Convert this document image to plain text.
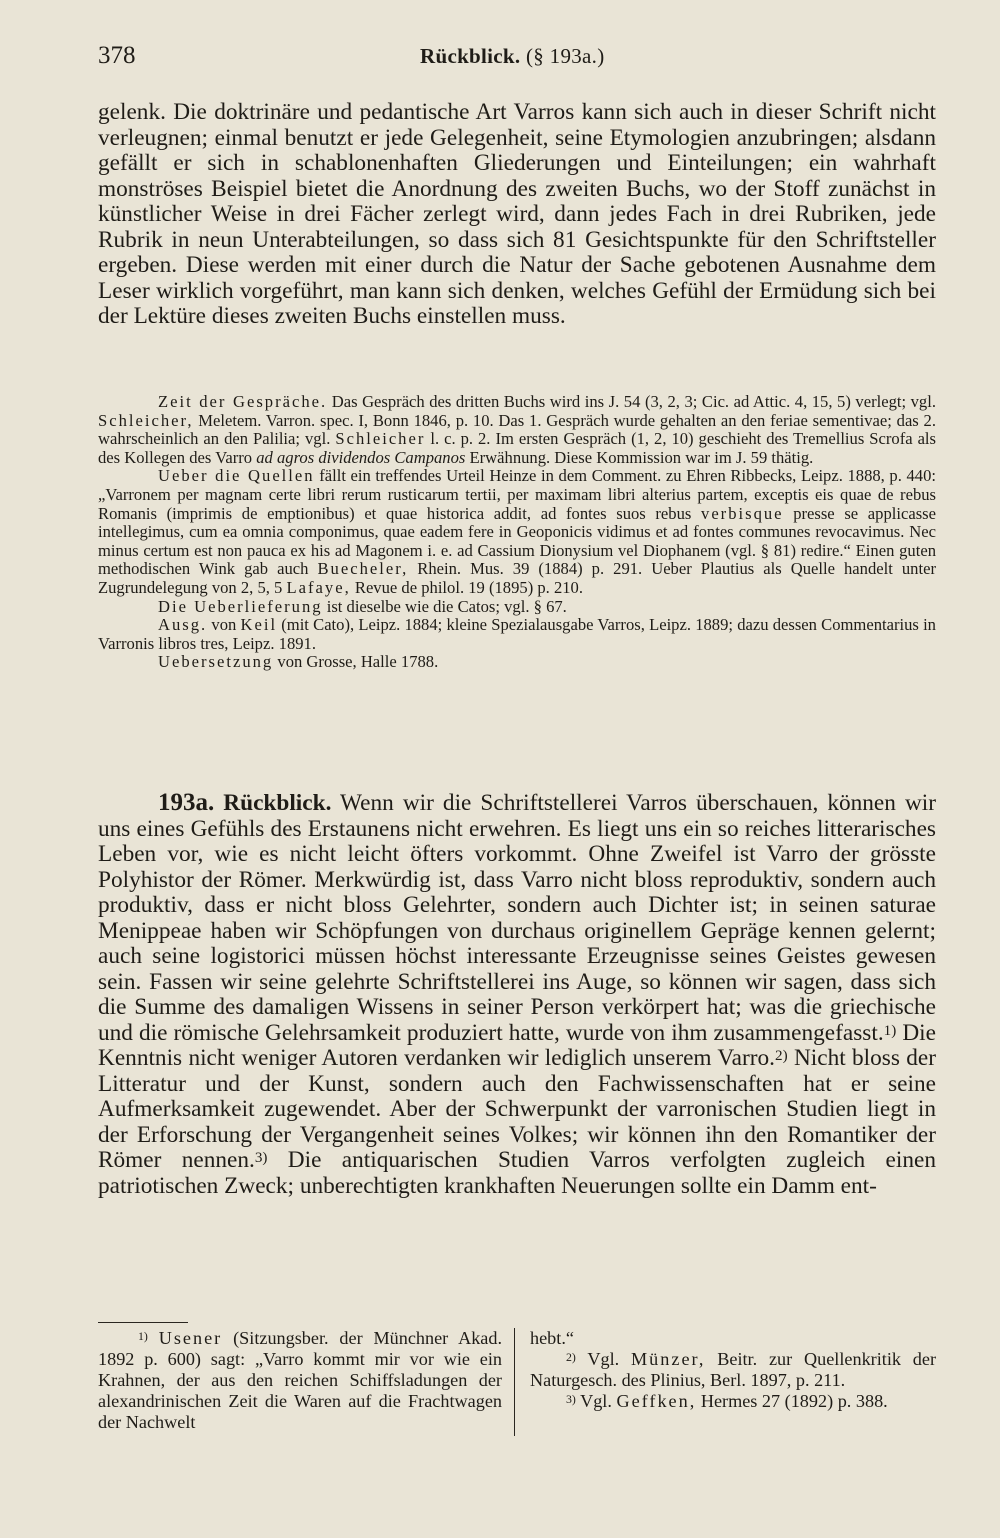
378	Rückblick. (§ 193a.)

gelenk. Die doktrinäre und pedantische Art Varros kann sich auch in dieser Schrift nicht verleugnen; einmal benutzt er jede Gelegenheit, seine Etymologien anzubringen; alsdann gefällt er sich in schablonenhaften Gliederungen und Einteilungen; ein wahrhaft monströses Beispiel bietet die Anordnung des zweiten Buchs, wo der Stoff zunächst in künstlicher Weise in drei Fächer zerlegt wird, dann jedes Fach in drei Rubriken, jede Rubrik in neun Unterabteilungen, so dass sich 81 Gesichtspunkte für den Schriftsteller ergeben. Diese werden mit einer durch die Natur der Sache gebotenen Ausnahme dem Leser wirklich vorgeführt, man kann sich denken, welches Gefühl der Ermüdung sich bei der Lektüre dieses zweiten Buchs einstellen muss.

Zeit der Gespräche. Das Gespräch des dritten Buchs wird ins J. 54 (3, 2, 3; Cic. ad Attic. 4, 15, 5) verlegt; vgl. Schleicher, Meletem. Varron. spec. I, Bonn 1846, p. 10. Das 1. Gespräch wurde gehalten an den feriae sementivae; das 2. wahrscheinlich an den Palilia; vgl. Schleicher l. c. p. 2. Im ersten Gespräch (1, 2, 10) geschieht des Tremellius Scrofa als des Kollegen des Varro ad agros dividendos Campanos Erwähnung. Diese Kommission war im J. 59 thätig.

Ueber die Quellen fällt ein treffendes Urteil Heinze in dem Comment. zu Ehren Ribbecks, Leipz. 1888, p. 440: „Varronem per magnam certe libri rerum rusticarum tertii, per maximam libri alterius partem, exceptis eis quae de rebus Romanis (imprimis de emptionibus) et quae historica addit, ad fontes suos rebus verbisque presse se applicasse intellegimus, cum ea omnia componimus, quae eadem fere in Geoponicis vidimus et ad fontes communes revocavimus. Nec minus certum est non pauca ex his ad Magonem i. e. ad Cassium Dionysium vel Diophanem (vgl. § 81) redire.“ Einen guten methodischen Wink gab auch Buecheler, Rhein. Mus. 39 (1884) p. 291. Ueber Plautius als Quelle handelt unter Zugrundelegung von 2, 5, 5 Lafaye, Revue de philol. 19 (1895) p. 210.

Die Ueberlieferung ist dieselbe wie die Catos; vgl. § 67.

Ausg. von Keil (mit Cato), Leipz. 1884; kleine Spezialausgabe Varros, Leipz. 1889; dazu dessen Commentarius in Varronis libros tres, Leipz. 1891.

Uebersetzung von Grosse, Halle 1788.

193a. Rückblick. Wenn wir die Schriftstellerei Varros überschauen, können wir uns eines Gefühls des Erstaunens nicht erwehren. Es liegt uns ein so reiches litterarisches Leben vor, wie es nicht leicht öfters vorkommt. Ohne Zweifel ist Varro der grösste Polyhistor der Römer. Merkwürdig ist, dass Varro nicht bloss reproduktiv, sondern auch produktiv, dass er nicht bloss Gelehrter, sondern auch Dichter ist; in seinen saturae Menippeae haben wir Schöpfungen von durchaus originellem Gepräge kennen gelernt; auch seine logistorici müssen höchst interessante Erzeugnisse seines Geistes gewesen sein. Fassen wir seine gelehrte Schriftstellerei ins Auge, so können wir sagen, dass sich die Summe des damaligen Wissens in seiner Person verkörpert hat; was die griechische und die römische Gelehrsamkeit produziert hatte, wurde von ihm zusammengefasst.$^{1)}$ Die Kenntnis nicht weniger Autoren verdanken wir lediglich unserem Varro.$^{2)}$ Nicht bloss der Litteratur und der Kunst, sondern auch den Fachwissenschaften hat er seine Aufmerksamkeit zugewendet. Aber der Schwerpunkt der varronischen Studien liegt in der Erforschung der Vergangenheit seines Volkes; wir können ihn den Romantiker der Römer nennen.$^{3)}$ Die antiquarischen Studien Varros verfolgten zugleich einen patriotischen Zweck; unberechtigten krankhaften Neuerungen sollte ein Damm ent-

$^{1)}$ Usener (Sitzungsber. der Münchner Akad. 1892 p. 600) sagt: „Varro kommt mir vor wie ein Krahnen, der aus den reichen Schiffsladungen der alexandrinischen Zeit die Waren auf die Frachtwagen der Nachwelt

hebt.“

$^{2)}$ Vgl. Münzer, Beitr. zur Quellenkritik der Naturgesch. des Plinius, Berl. 1897, p. 211.

$^{3)}$ Vgl. Geffken, Hermes 27 (1892) p. 388.
